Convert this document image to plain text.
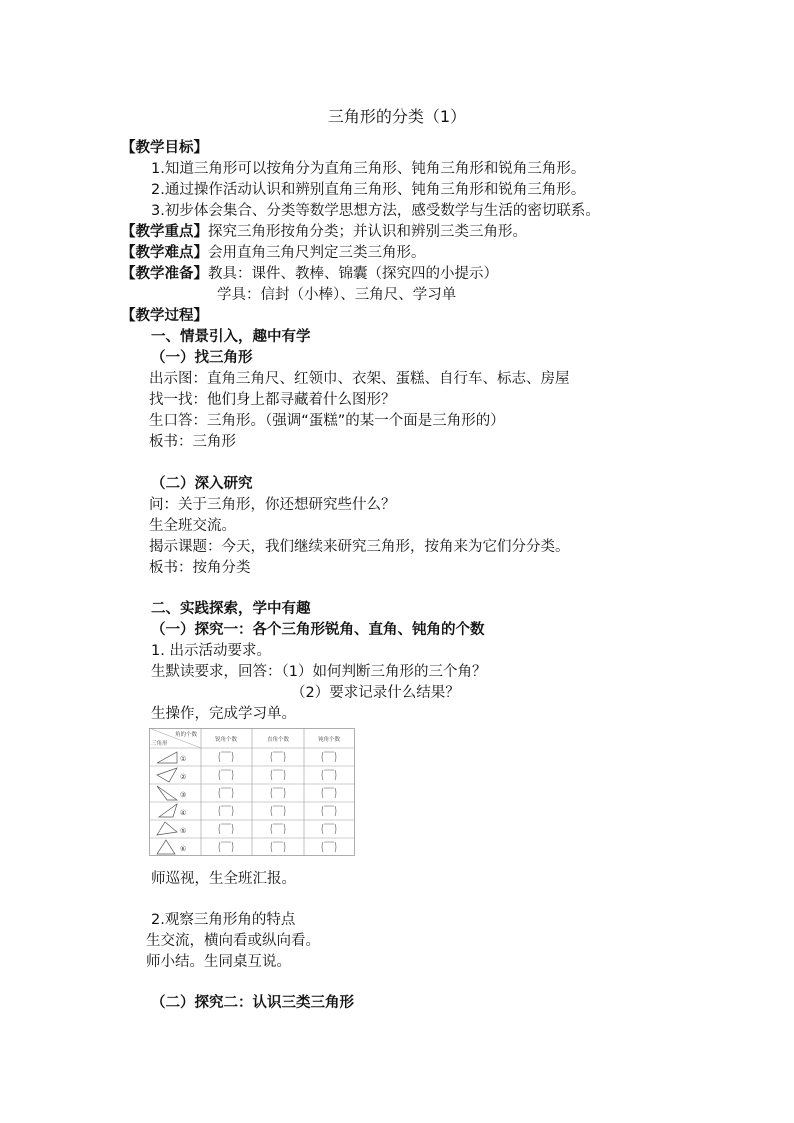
三角形的分类（1）
【教学目标】
1.知道三角形可以按角分为直角三角形、钝角三角形和锐角三角形。
2.通过操作活动认识和辨别直角三角形、钝角三角形和锐角三角形。
3.初步体会集合、分类等数学思想方法，感受数学与生活的密切联系。
【教学重点】探究三角形按角分类；并认识和辨别三类三角形。
【教学难点】会用直角三角尺判定三类三角形。
【教学准备】教具：课件、教棒、锦囊（探究四的小提示）
学具：信封（小棒）、三角尺、学习单
【教学过程】
一、情景引入，趣中有学
（一）找三角形
出示图：直角三角尺、红领巾、衣架、蛋糕、自行车、标志、房屋
找一找：他们身上都寻藏着什么图形？
生口答：三角形。（强调“蛋糕”的某一个面是三角形的）
板书：三角形
（二）深入研究
问：关于三角形，你还想研究些什么？
生全班交流。
揭示课题：今天，我们继续来研究三角形，按角来为它们分分类。
板书：按角分类
二、实践探索，学中有趣
（一）探究一：各个三角形锐角、直角、钝角的个数
1. 出示活动要求。
生默读要求，回答：（1）如何判断三角形的三个角？
（2）要求记录什么结果？
生操作，完成学习单。
角的个数
三角形
锐角个数	直角个数	钝角个数
①
②
③
④
⑤
⑥
师巡视，生全班汇报。
2.观察三角形角的特点
生交流，横向看或纵向看。
师小结。生同桌互说。
（二）探究二：认识三类三角形
